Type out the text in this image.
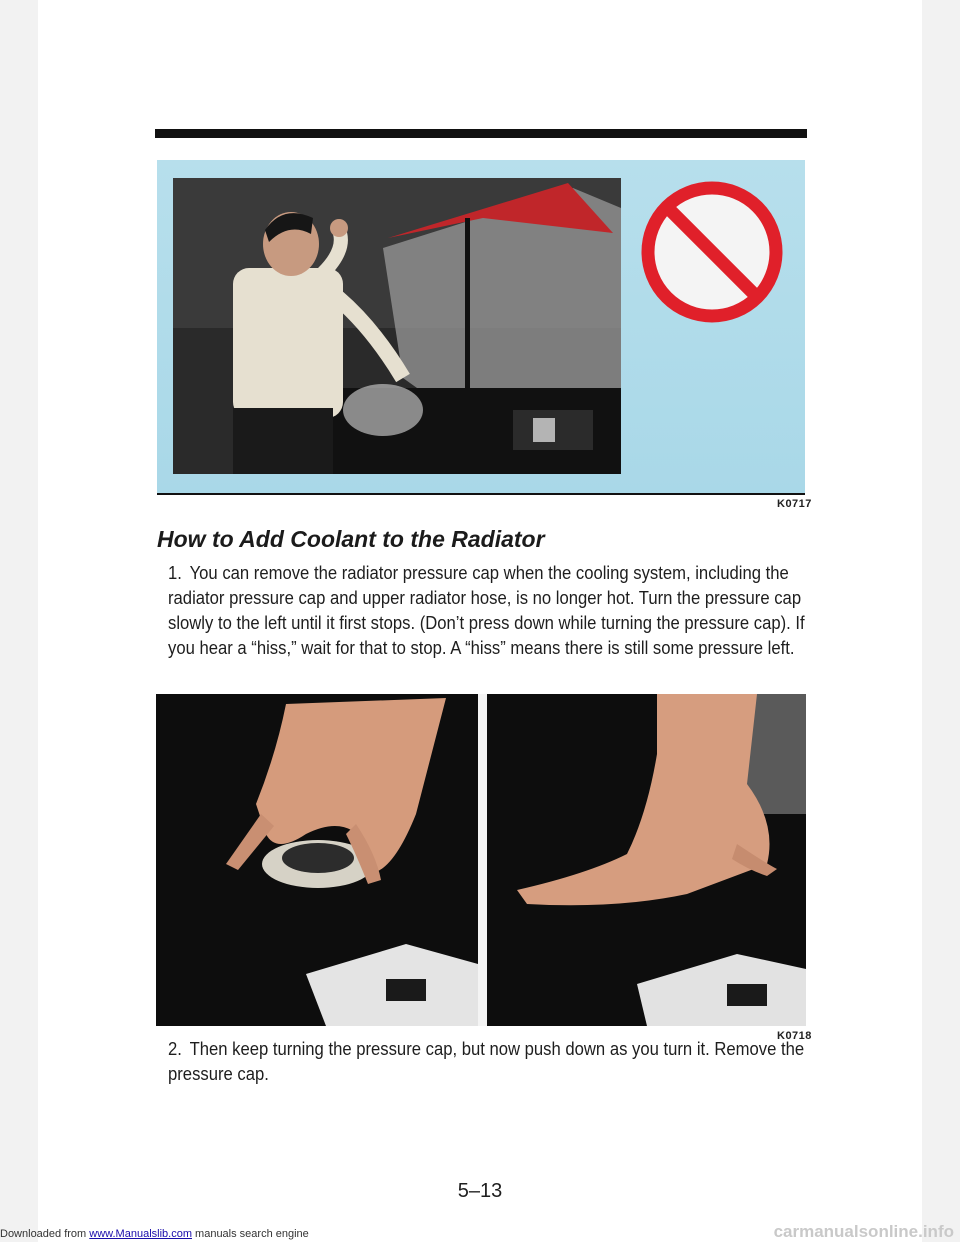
K0717
How to Add Coolant to the Radiator

1. You can remove the radiator pressure cap when the cooling system, including the radiator pressure cap and upper radiator hose, is no longer hot. Turn the pressure cap slowly to the left until it first stops. (Don’t press down while turning the pressure cap). If you hear a “hiss,” wait for that to stop. A “hiss” means there is still some pressure left.

K0718

2. Then keep turning the pressure cap, but now push down as you turn it. Remove the pressure cap.

5–13
Downloaded from www.Manualslib.com manuals search engine	carmanualsonline.info
